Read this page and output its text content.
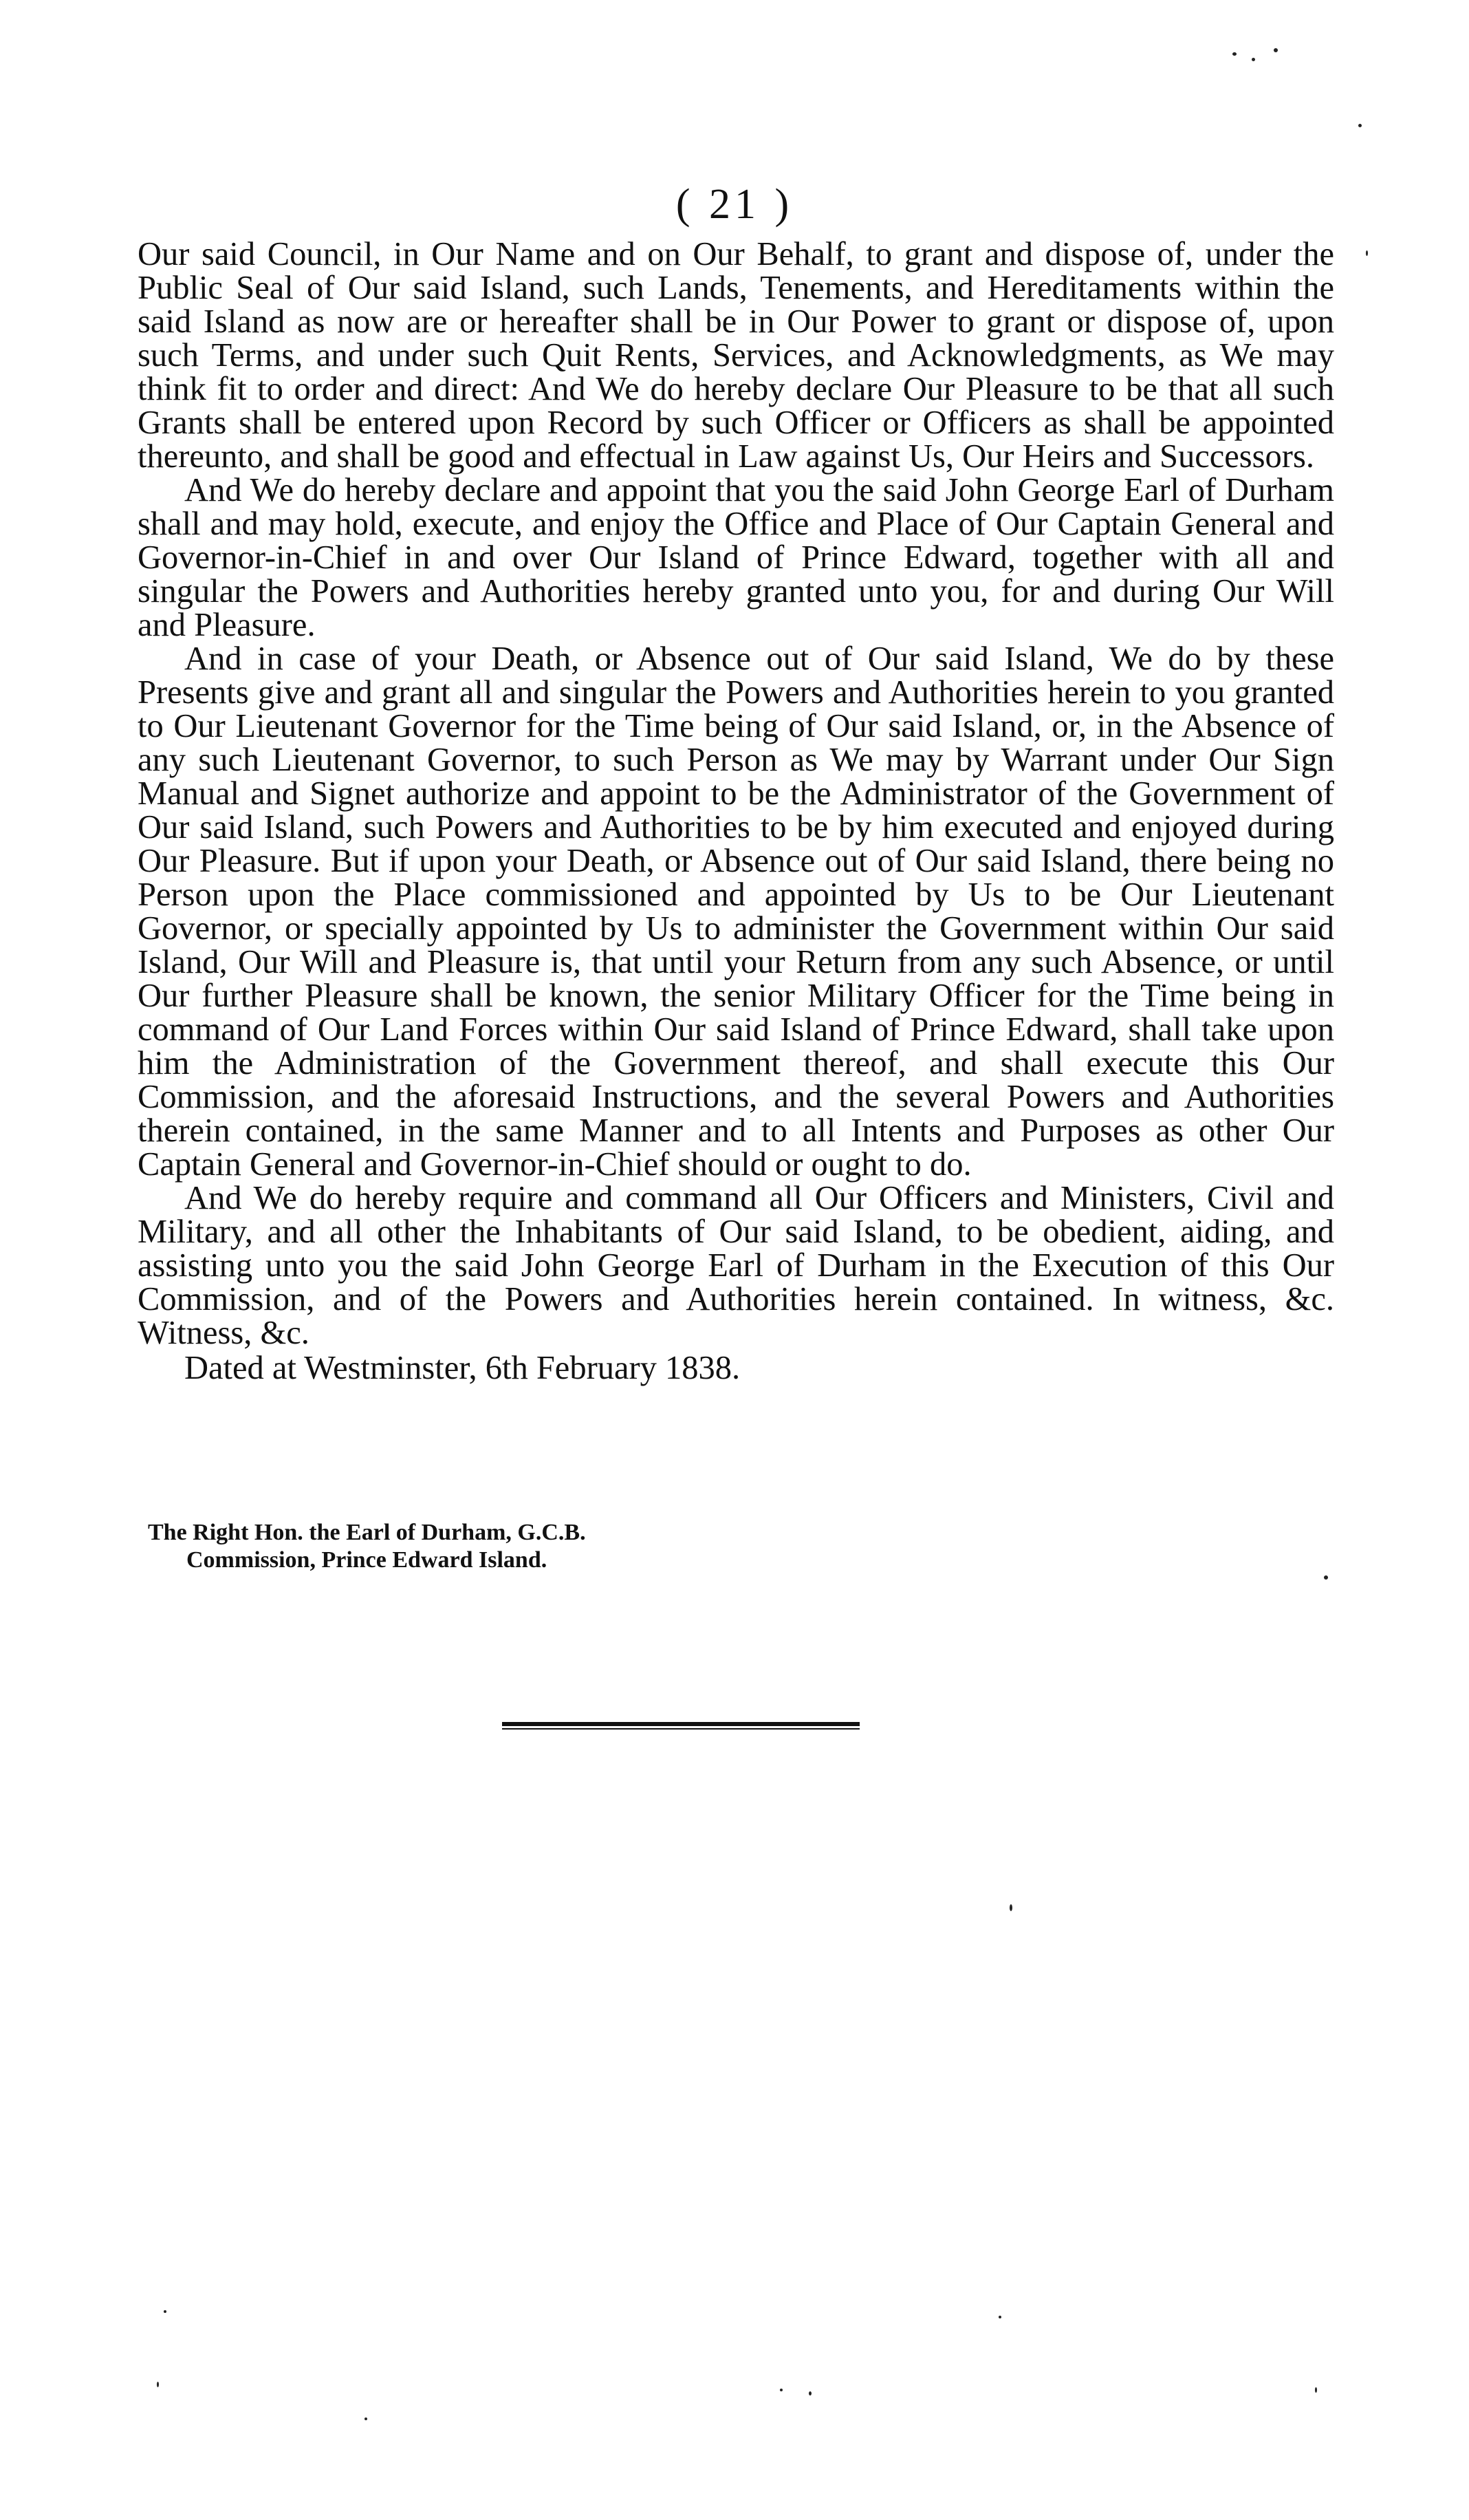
( 21 )

Our said Council, in Our Name and on Our Behalf, to grant and dispose of, under the Public Seal of Our said Island, such Lands, Tenements, and Hereditaments within the said Island as now are or hereafter shall be in Our Power to grant or dispose of, upon such Terms, and under such Quit Rents, Services, and Acknowledgments, as We may think fit to order and direct: And We do hereby declare Our Pleasure to be that all such Grants shall be entered upon Record by such Officer or Officers as shall be appointed thereunto, and shall be good and effectual in Law against Us, Our Heirs and Successors.

And We do hereby declare and appoint that you the said John George Earl of Durham shall and may hold, execute, and enjoy the Office and Place of Our Captain General and Governor-in-Chief in and over Our Island of Prince Edward, together with all and singular the Powers and Authorities hereby granted unto you, for and during Our Will and Pleasure.

And in case of your Death, or Absence out of Our said Island, We do by these Presents give and grant all and singular the Powers and Authorities herein to you granted to Our Lieutenant Governor for the Time being of Our said Island, or, in the Absence of any such Lieutenant Governor, to such Person as We may by Warrant under Our Sign Manual and Signet authorize and appoint to be the Administrator of the Government of Our said Island, such Powers and Authorities to be by him executed and enjoyed during Our Pleasure. But if upon your Death, or Absence out of Our said Island, there being no Person upon the Place commissioned and appointed by Us to be Our Lieutenant Governor, or specially appointed by Us to administer the Government within Our said Island, Our Will and Pleasure is, that until your Return from any such Absence, or until Our further Pleasure shall be known, the senior Military Officer for the Time being in command of Our Land Forces within Our said Island of Prince Edward, shall take upon him the Administration of the Government thereof, and shall execute this Our Commission, and the aforesaid Instructions, and the several Powers and Authorities therein contained, in the same Manner and to all Intents and Purposes as other Our Captain General and Governor-in-Chief should or ought to do.

And We do hereby require and command all Our Officers and Ministers, Civil and Military, and all other the Inhabitants of Our said Island, to be obedient, aiding, and assisting unto you the said John George Earl of Durham in the Execution of this Our Commission, and of the Powers and Authorities herein contained. In witness, &c. Witness, &c.

Dated at Westminster, 6th February 1838.

The Right Hon. the Earl of Durham, G.C.B.
Commission, Prince Edward Island.
